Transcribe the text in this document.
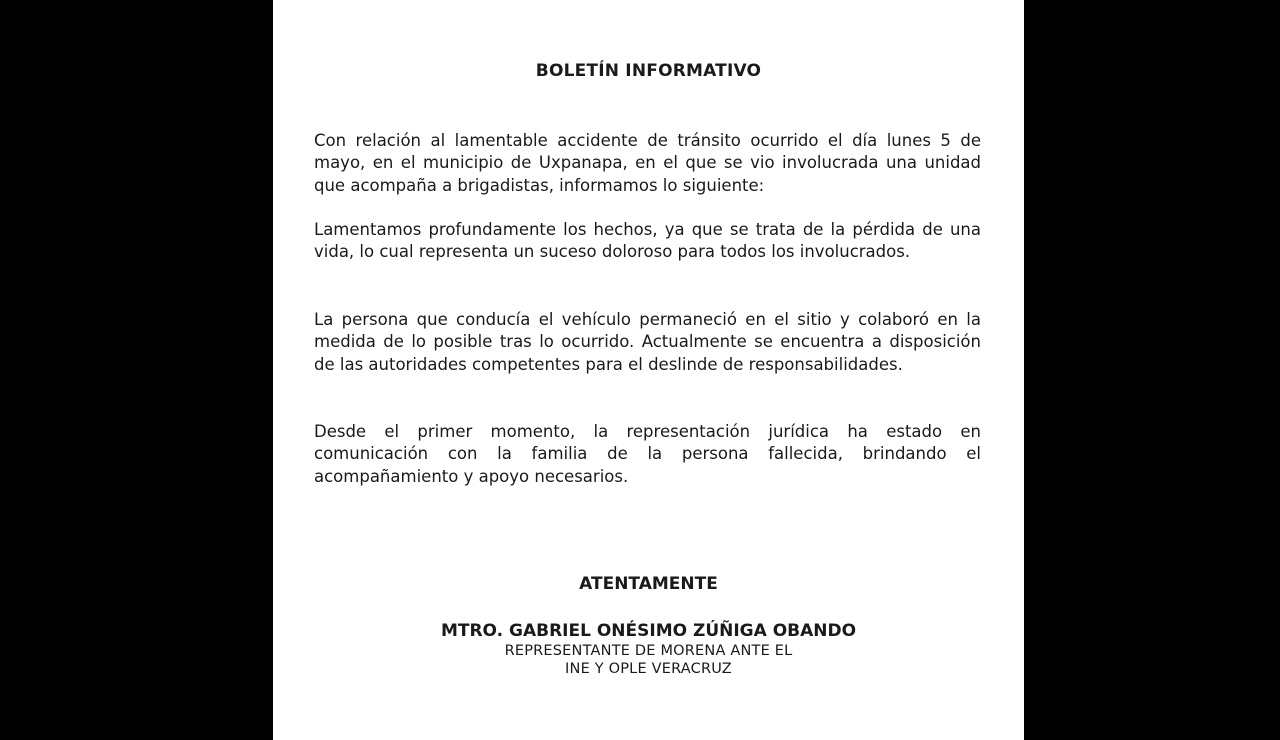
BOLETÍN INFORMATIVO

Con relación al lamentable accidente de tránsito ocurrido el día lunes 5 de mayo, en el municipio de Uxpanapa, en el que se vio involucrada una unidad que acompaña a brigadistas, informamos lo siguiente:

Lamentamos profundamente los hechos, ya que se trata de la pérdida de una vida, lo cual representa un suceso doloroso para todos los involucrados.

La persona que conducía el vehículo permaneció en el sitio y colaboró en la medida de lo posible tras lo ocurrido. Actualmente se encuentra a disposición de las autoridades competentes para el deslinde de responsabilidades.

Desde el primer momento, la representación jurídica ha estado en comunicación con la familia de la persona fallecida, brindando el acompañamiento y apoyo necesarios.

ATENTAMENTE
MTRO. GABRIEL ONÉSIMO ZÚÑIGA OBANDO
REPRESENTANTE DE MORENA ANTE EL
INE Y OPLE VERACRUZ
